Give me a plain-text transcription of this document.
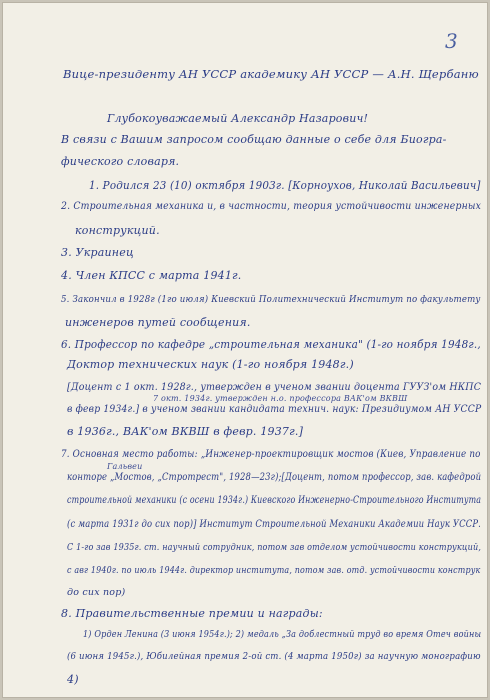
3
Вице-президенту АН УССР академику АН УССР — А.Н. Щербаню
Глубокоуважаемый Александр Назарович!
В связи с Вашим запросом сообщаю данные о себе для Биогра-
фического словаря.
1. Родился 23 (10) октября 1903г. [Корноухов, Николай Васильевич]
2. Строительная механика и, в частности, теория устойчивости инженерных
конструкций.
3. Украинец
4. Член КПСС с марта 1941г.
5. Закончил в 1928г (1го июля) Киевский Политехнический Институт по факультету
инженеров путей сообщения.
6. Профессор по кафедре „строительная механика" (1-го ноября 1948г.,
Доктор технических наук (1-го ноября 1948г.)
[Доцент с 1 окт. 1928г., утвержден в ученом звании доцента ГУУЗ'ом НКПС
7 окт. 1934г. утвержден н.о. профессора ВАК'ом ВКВШ
в февр 1934г.] в ученом звании кандидата технич. наук: Президиумом АН УССР
в 1936г., ВАК'ом ВКВШ в февр. 1937г.]
7. Основная место работы: „Инженер-проектировщик мостов (Киев, Управление по
Гальвеи
конторе „Мостов, „Стротрест", 1928—23г);[Доцент, потом профессор, зав. кафедрой
строительной механики (с осени 1934г.) Киевского Инженерно-Строительного Института
(с марта 1931г до сих пор)] Институт Строительной Механики Академии Наук УССР.
С 1-го зав 1935г. ст. научный сотрудник, потом зав отделом устойчивости конструкций,
с авг 1940г. по июль 1944г. директор института, потом зав. отд. устойчивости конструк
до сих пор)
8. Правительственные премии и награды:
1) Орден Ленина (3 июня 1954г.); 2) медаль „За доблестный труд во время Отеч войны
(6 июня 1945г.), Юбилейная премия 2-ой ст. (4 марта 1950г) за научную монографию
4)
